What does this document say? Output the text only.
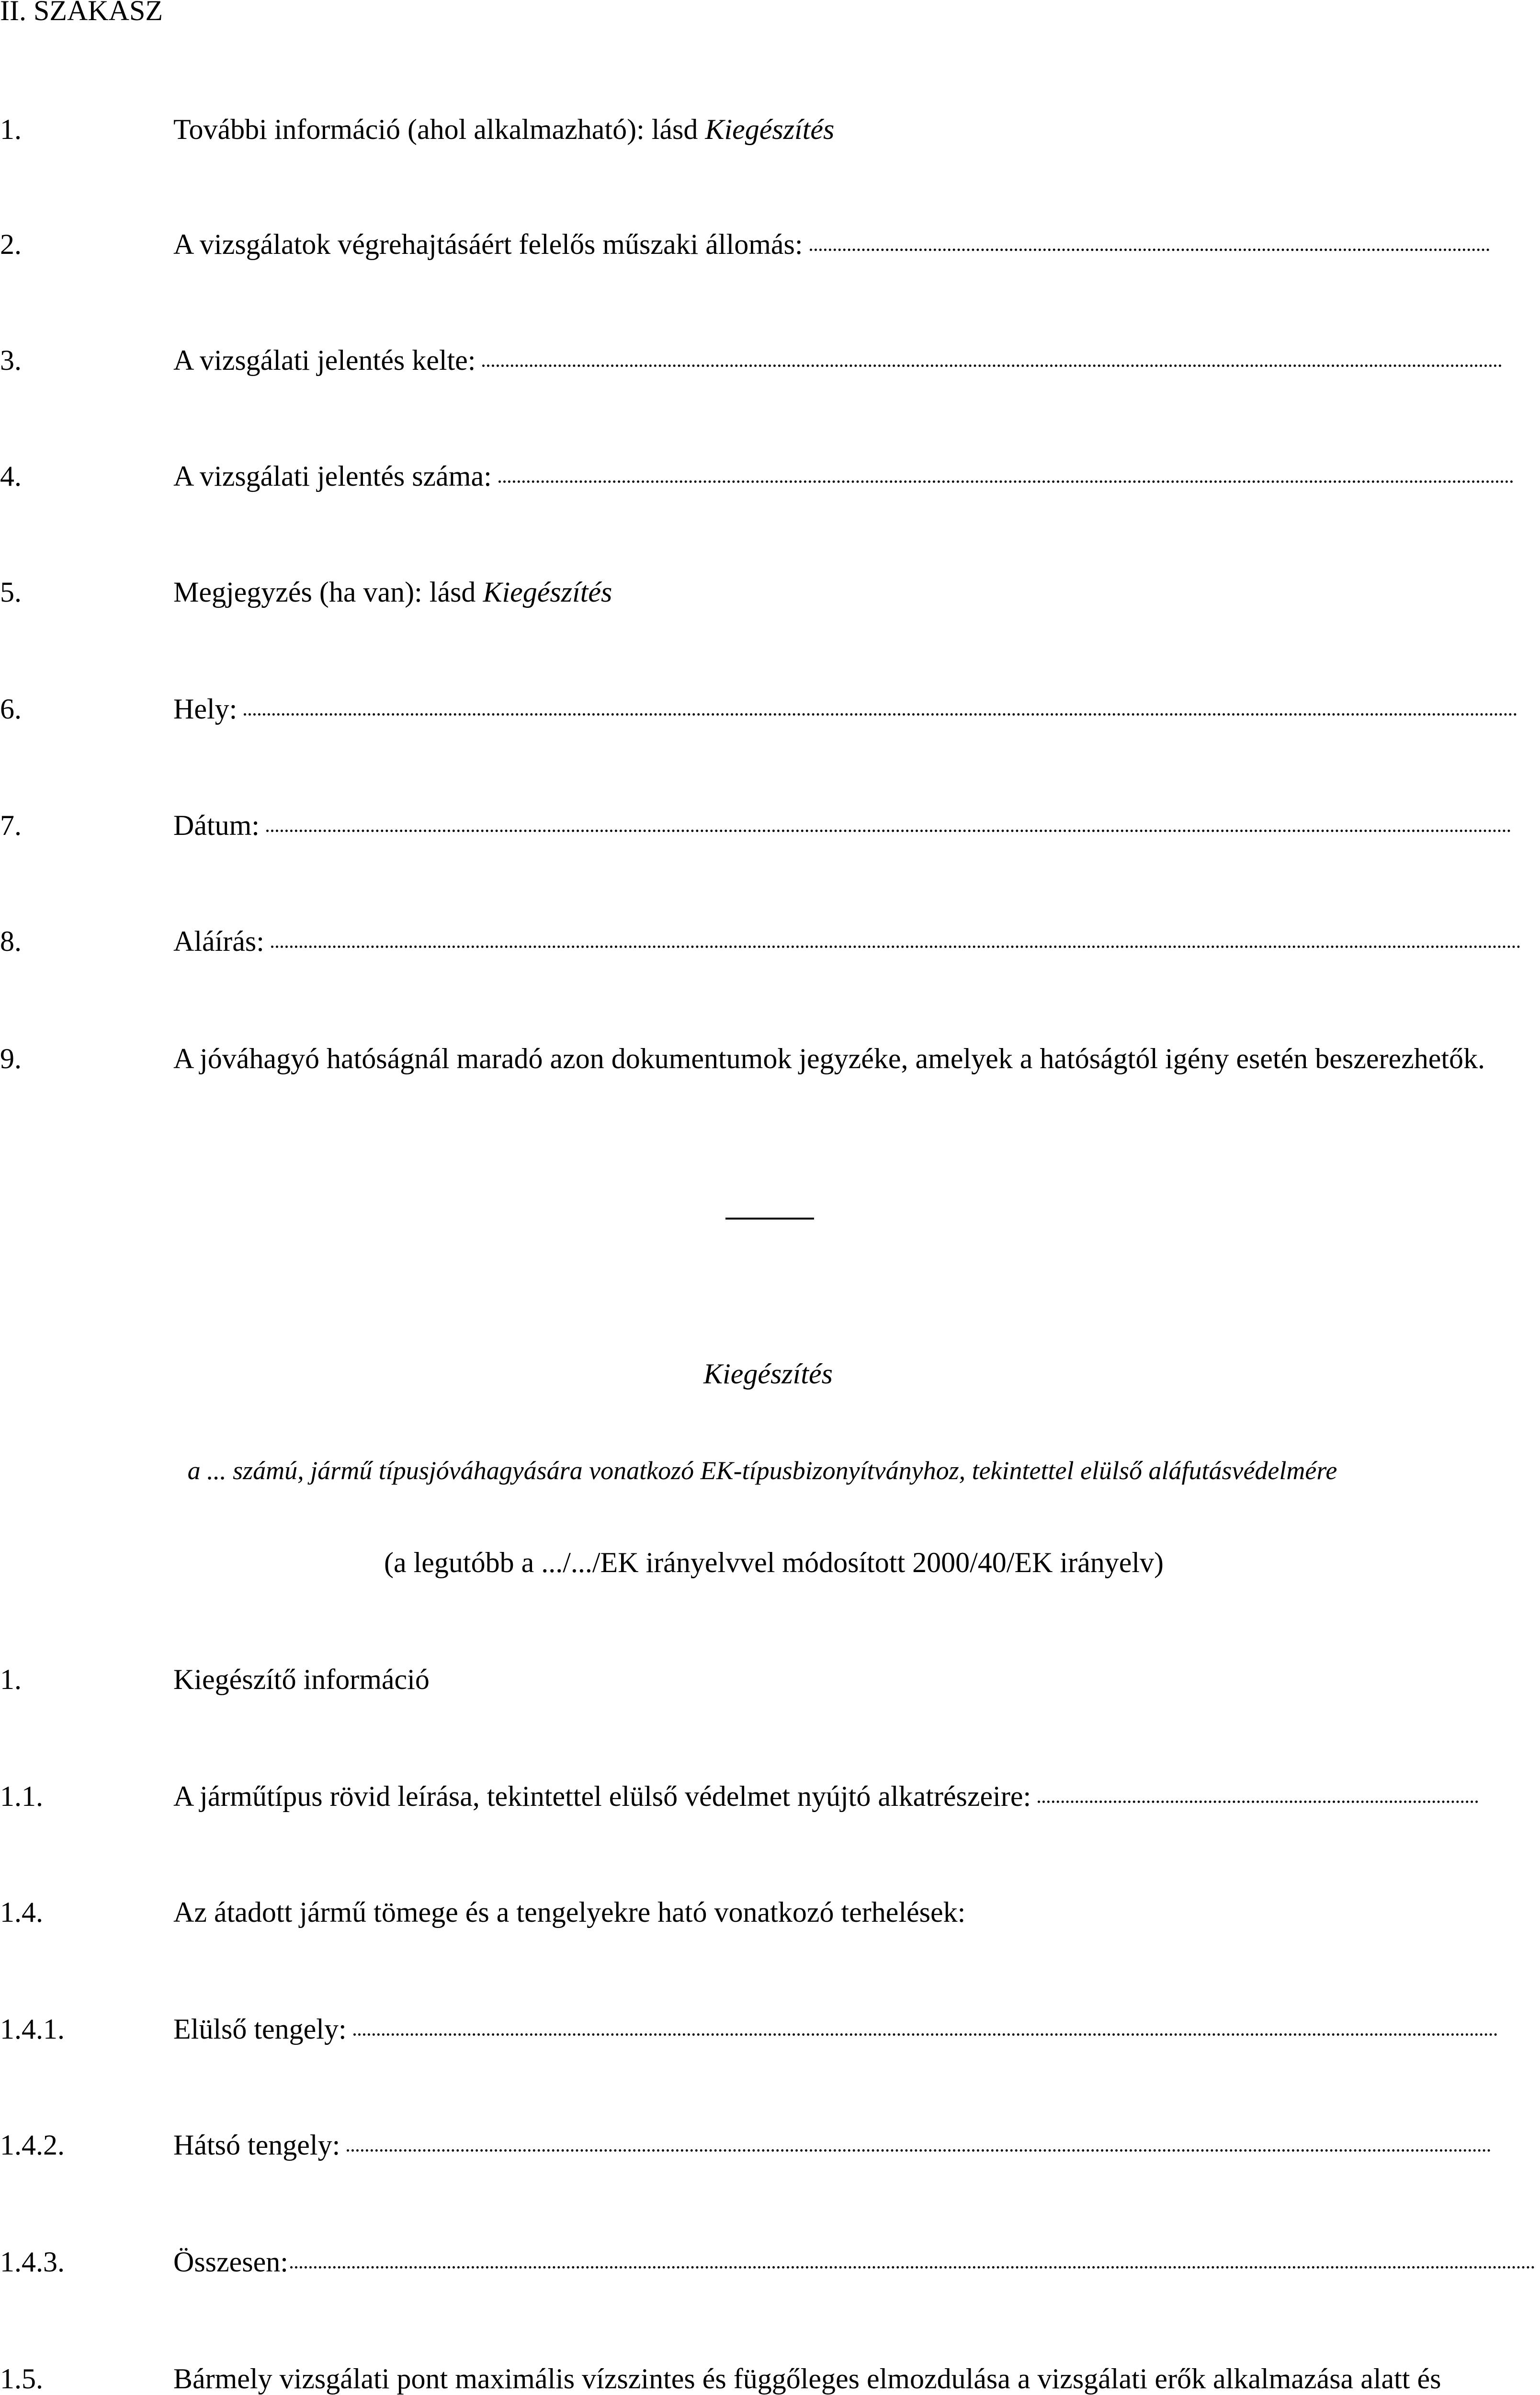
II. SZAKASZ
1.	További információ (ahol alkalmazható): lásd Kiegészítés
2.	A vizsgálatok végrehajtásáért felelős műszaki állomás:
3.	A vizsgálati jelentés kelte:
4.	A vizsgálati jelentés száma:
5.	Megjegyzés (ha van): lásd Kiegészítés
6.	Hely:
7.	Dátum:
8.	Aláírás:
9.	A jóváhagyó hatóságnál maradó azon dokumentumok jegyzéke, amelyek a hatóságtól igény esetén beszerezhetők.
Kiegészítés
a ... számú, jármű típusjóváhagyására vonatkozó EK-típusbizonyítványhoz, tekintettel elülső aláfutásvédelmére
(a legutóbb a .../.../EK irányelvvel módosított 2000/40/EK irányelv)
1.	Kiegészítő információ
1.1.	A járműtípus rövid leírása, tekintettel elülső védelmet nyújtó alkatrészeire:
1.4.	Az átadott jármű tömege és a tengelyekre ható vonatkozó terhelések:
1.4.1.	Elülső tengely:
1.4.2.	Hátsó tengely:
1.4.3.	Összesen:
1.5.	Bármely vizsgálati pont maximális vízszintes és függőleges elmozdulása a vizsgálati erők alkalmazása alatt és
